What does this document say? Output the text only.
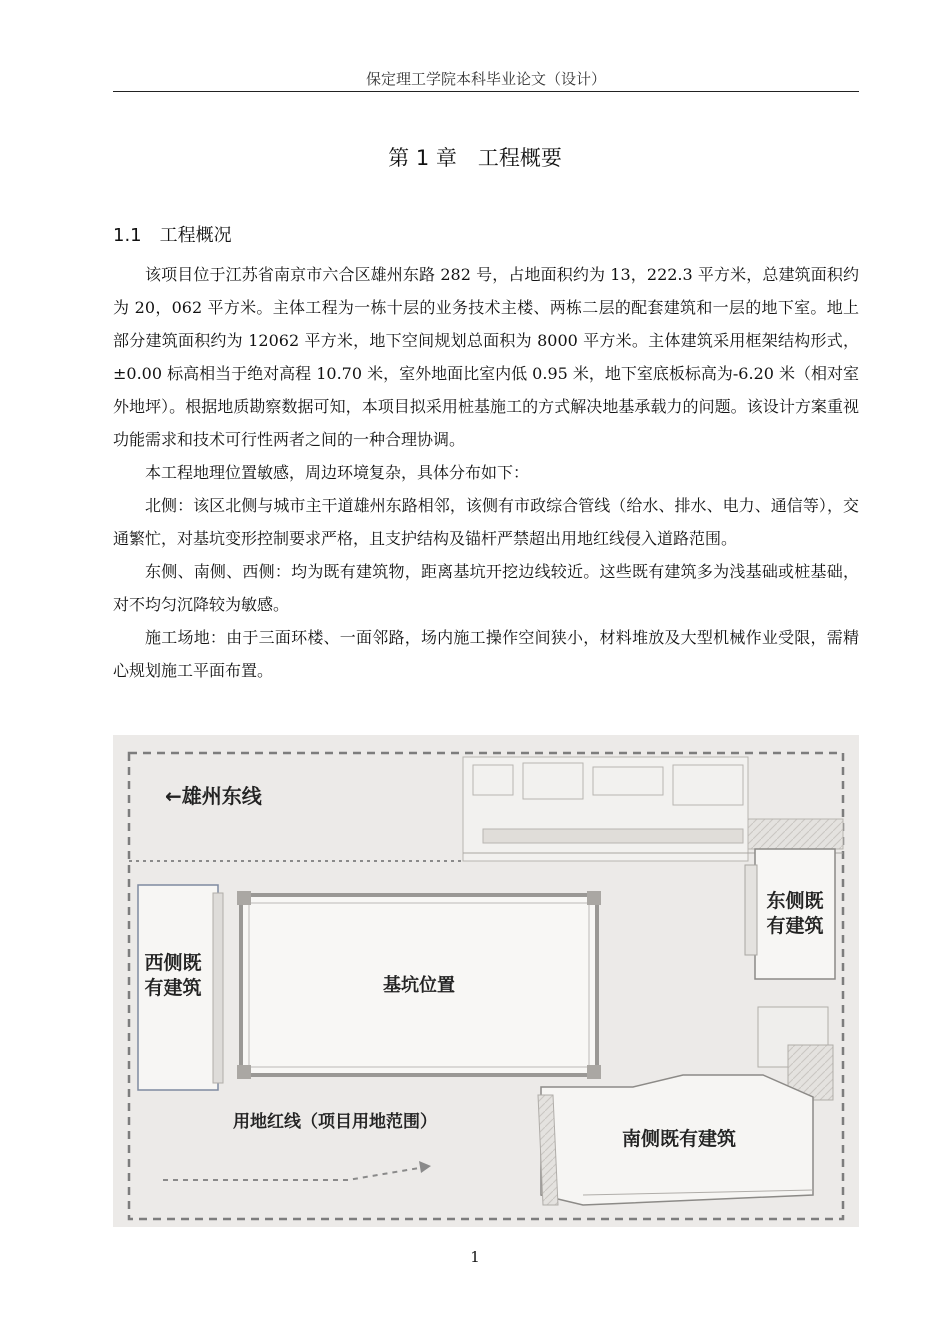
保定理工学院本科毕业论文（设计）
第 1 章　工程概要
1.1 工程概况

该项目位于江苏省南京市六合区雄州东路 282 号，占地面积约为 13，222.3 平方米，总建筑面积约为 20，062 平方米。主体工程为一栋十层的业务技术主楼、两栋二层的配套建筑和一层的地下室。地上部分建筑面积约为 12062 平方米，地下空间规划总面积为 8000 平方米。主体建筑采用框架结构形式，±0.00 标高相当于绝对高程 10.70 米，室外地面比室内低 0.95 米，地下室底板标高为-6.20 米（相对室外地坪）。根据地质勘察数据可知，本项目拟采用桩基施工的方式解决地基承载力的问题。该设计方案重视功能需求和技术可行性两者之间的一种合理协调。

本工程地理位置敏感，周边环境复杂，具体分布如下：

北侧：该区北侧与城市主干道雄州东路相邻，该侧有市政综合管线（给水、排水、电力、通信等），交通繁忙，对基坑变形控制要求严格，且支护结构及锚杆严禁超出用地红线侵入道路范围。

东侧、南侧、西侧：均为既有建筑物，距离基坑开挖边线较近。这些既有建筑多为浅基础或桩基础，对不均匀沉降较为敏感。

施工场地：由于三面环楼、一面邻路，场内施工操作空间狭小，材料堆放及大型机械作业受限，需精心规划施工平面布置。

东侧既
有建筑
西侧既
有建筑	基坑位置
南侧既有建筑
←雄州东线
用地红线（项目用地范围）
1
